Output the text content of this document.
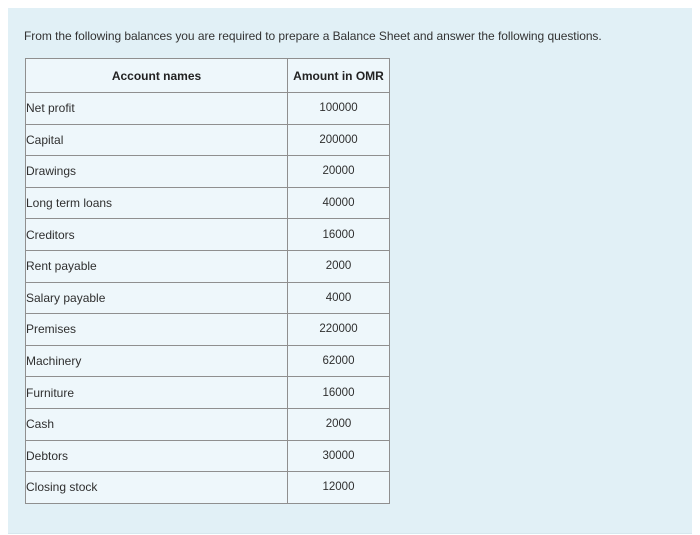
From the following balances you are required to prepare a Balance Sheet and answer the following questions.
Account names	Amount in OMR
Net profit	100000
Capital	200000
Drawings	20000
Long term loans	40000
Creditors	16000
Rent payable	2000
Salary payable	4000
Premises	220000
Machinery	62000
Furniture	16000
Cash	2000
Debtors	30000
Closing stock	12000
